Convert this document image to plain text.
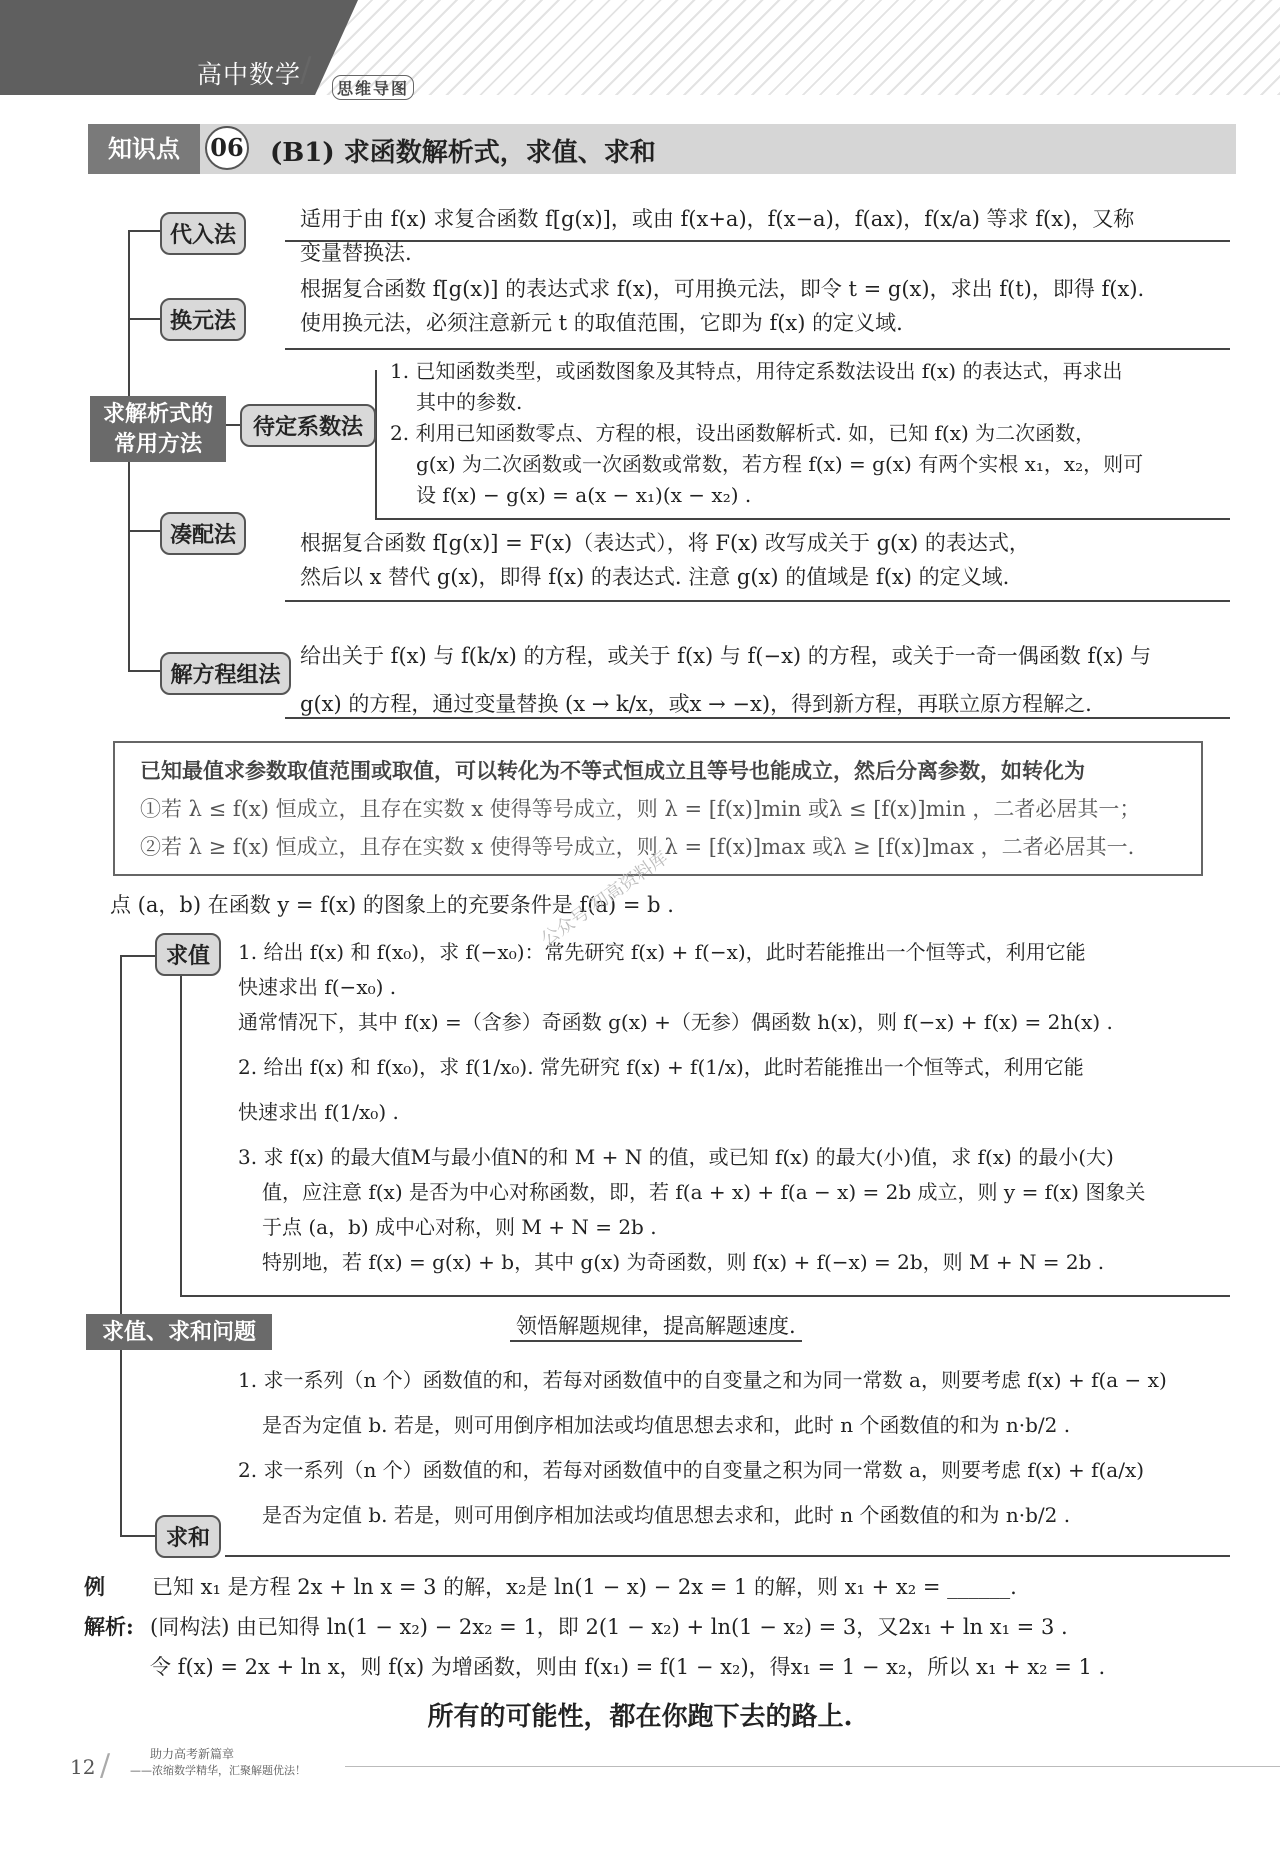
高中数学
/	思维导图
知识点	06 (B1) 求函数解析式，求值、求和
代入法
换元法
求解析式的常用方法
待定系数法
凑配法
解方程组法

适用于由 f(x) 求复合函数 f[g(x)]，或由 f(x+a)，f(x−a)，f(ax)，f(x/a) 等求 f(x)，又称

变量替换法.

根据复合函数 f[g(x)] 的表达式求 f(x)，可用换元法，即令 t = g(x)，求出 f(t)，即得 f(x).

使用换元法，必须注意新元 t 的取值范围，它即为 f(x) 的定义域.

1. 已知函数类型，或函数图象及其特点，用待定系数法设出 f(x) 的表达式，再求出

其中的参数.

2. 利用已知函数零点、方程的根，设出函数解析式. 如，已知 f(x) 为二次函数，

g(x) 为二次函数或一次函数或常数，若方程 f(x) = g(x) 有两个实根 x₁，x₂，则可

设 f(x) − g(x) = a(x − x₁)(x − x₂) .

根据复合函数 f[g(x)] = F(x)（表达式），将 F(x) 改写成关于 g(x) 的表达式，

然后以 x 替代 g(x)，即得 f(x) 的表达式. 注意 g(x) 的值域是 f(x) 的定义域.

给出关于 f(x) 与 f(k/x) 的方程，或关于 f(x) 与 f(−x) 的方程，或关于一奇一偶函数 f(x) 与

g(x) 的方程，通过变量替换 (x → k/x，或x → −x)，得到新方程，再联立原方程解之.

已知最值求参数取值范围或取值，可以转化为不等式恒成立且等号也能成立，然后分离参数，如转化为

①若 λ ≤ f(x) 恒成立，且存在实数 x 使得等号成立，则 λ = [f(x)]min 或λ ≤ [f(x)]min ，二者必居其一；

②若 λ ≥ f(x) 恒成立，且存在实数 x 使得等号成立，则 λ = [f(x)]max 或λ ≥ [f(x)]max ，二者必居其一.

点 (a，b) 在函数 y = f(x) 的图象上的充要条件是 f(a) = b .
求值
求值、求和问题
求和

1. 给出 f(x) 和 f(x₀)，求 f(−x₀)：常先研究 f(x) + f(−x)，此时若能推出一个恒等式，利用它能

快速求出 f(−x₀) .

通常情况下，其中 f(x) =（含参）奇函数 g(x) +（无参）偶函数 h(x)，则 f(−x) + f(x) = 2h(x) .

2. 给出 f(x) 和 f(x₀)，求 f(1/x₀). 常先研究 f(x) + f(1/x)，此时若能推出一个恒等式，利用它能

快速求出 f(1/x₀) .

3. 求 f(x) 的最大值M与最小值N的和 M + N 的值，或已知 f(x) 的最大(小)值，求 f(x) 的最小(大)

值，应注意 f(x) 是否为中心对称函数，即，若 f(a + x) + f(a − x) = 2b 成立，则 y = f(x) 图象关

于点 (a，b) 成中心对称，则 M + N = 2b .

特别地，若 f(x) = g(x) + b，其中 g(x) 为奇函数，则 f(x) + f(−x) = 2b，则 M + N = 2b .

领悟解题规律，提高解题速度.

1. 求一系列（n 个）函数值的和，若每对函数值中的自变量之和为同一常数 a，则要考虑 f(x) + f(a − x)

是否为定值 b. 若是，则可用倒序相加法或均值思想去求和，此时 n 个函数值的和为 n·b/2 .

2. 求一系列（n 个）函数值的和，若每对函数值中的自变量之积为同一常数 a，则要考虑 f(x) + f(a/x)

是否为定值 b. 若是，则可用倒序相加法或均值思想去求和，此时 n 个函数值的和为 n·b/2 .

例 已知 x₁ 是方程 2x + ln x = 3 的解，x₂是 ln(1 − x) − 2x = 1 的解，则 x₁ + x₂ = ______.
解析: (同构法) 由已知得 ln(1 − x₂) − 2x₂ = 1，即 2(1 − x₂) + ln(1 − x₂) = 3，又2x₁ + ln x₁ = 3 .
令 f(x) = 2x + ln x，则 f(x) 为增函数，则由 f(x₁) = f(1 − x₂)，得x₁ = 1 − x₂，所以 x₁ + x₂ = 1 .
所有的可能性，都在你跑下去的路上.
12 /	助力高考新篇章
——浓缩数学精华，汇聚解题优法！
公众号·初高资料库
